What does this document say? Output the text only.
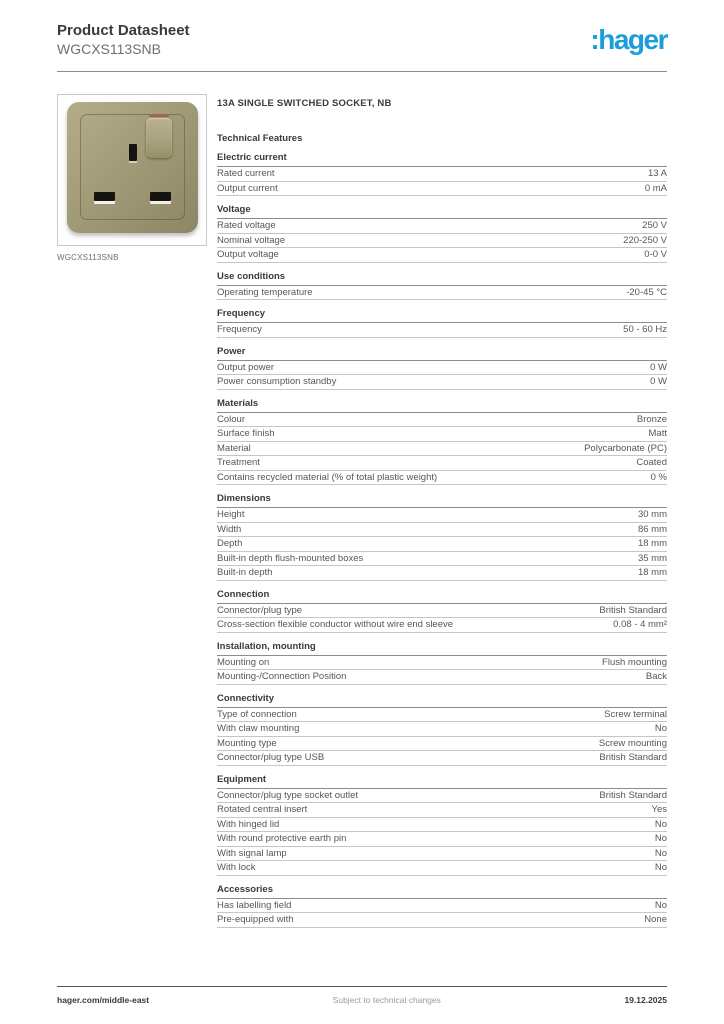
Product Datasheet
WGCXS113SNB	:hager
WGCXS113SNB
13A SINGLE SWITCHED SOCKET, NB
Technical Features
Electric current
Rated current	13 A
Output current	0 mA
Voltage
Rated voltage	250 V
Nominal voltage	220-250 V
Output voltage	0-0 V
Use conditions
Operating temperature	-20-45 °C
Frequency
Frequency	50 - 60 Hz
Power
Output power	0 W
Power consumption standby	0 W
Materials
Colour	Bronze
Surface finish	Matt
Material	Polycarbonate (PC)
Treatment	Coated
Contains recycled material (% of total plastic weight)	0 %
Dimensions
Height	30 mm
Width	86 mm
Depth	18 mm
Built-in depth flush-mounted boxes	35 mm
Built-in depth	18 mm
Connection
Connector/plug type	British Standard
Cross-section flexible conductor without wire end sleeve	0.08 - 4 mm²
Installation, mounting
Mounting on	Flush mounting
Mounting-/Connection Position	Back
Connectivity
Type of connection	Screw terminal
With claw mounting	No
Mounting type	Screw mounting
Connector/plug type USB	British Standard
Equipment
Connector/plug type socket outlet	British Standard
Rotated central insert	Yes
With hinged lid	No
With round protective earth pin	No
With signal lamp	No
With lock	No
Accessories
Has labelling field	No
Pre-equipped with	None
hager.com/middle-east	Subject to technical changes	19.12.2025
